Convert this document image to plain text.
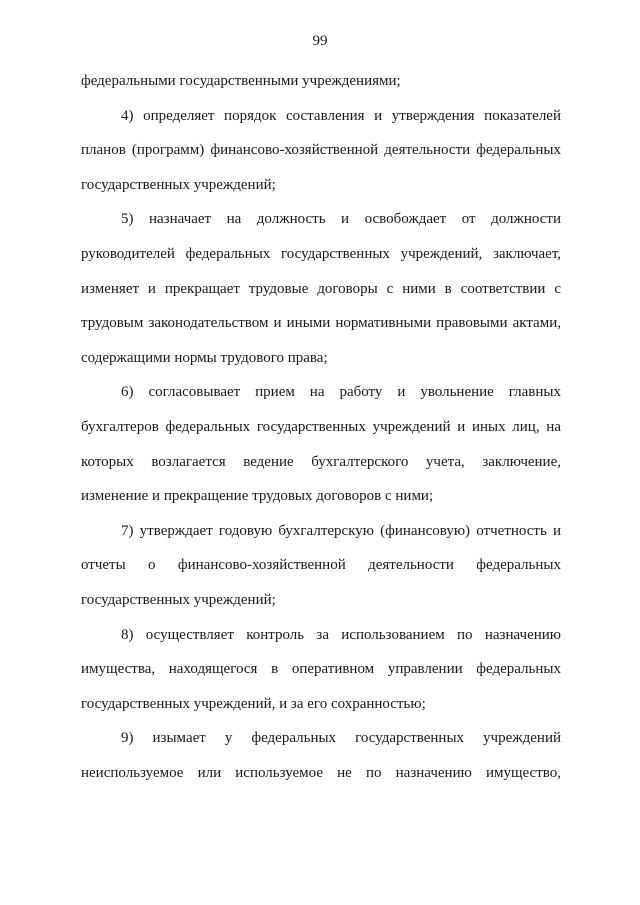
99

федеральными государственными учреждениями;

4) определяет порядок составления и утверждения показателей планов (программ) финансово-хозяйственной деятельности федеральных государственных учреждений;

5) назначает на должность и освобождает от должности руководителей федеральных государственных учреждений, заключает, изменяет и прекращает трудовые договоры с ними в соответствии с трудовым законодательством и иными нормативными правовыми актами, содержащими нормы трудового права;

6) согласовывает прием на работу и увольнение главных бухгалтеров федеральных государственных учреждений и иных лиц, на которых возлагается ведение бухгалтерского учета, заключение, изменение и прекращение трудовых договоров с ними;

7) утверждает годовую бухгалтерскую (финансовую) отчетность и отчеты о финансово-хозяйственной деятельности федеральных государственных учреждений;

8) осуществляет контроль за использованием по назначению имущества, находящегося в оперативном управлении федеральных государственных учреждений, и за его сохранностью;

9) изымает у федеральных государственных учреждений неиспользуемое или используемое не по назначению имущество,
